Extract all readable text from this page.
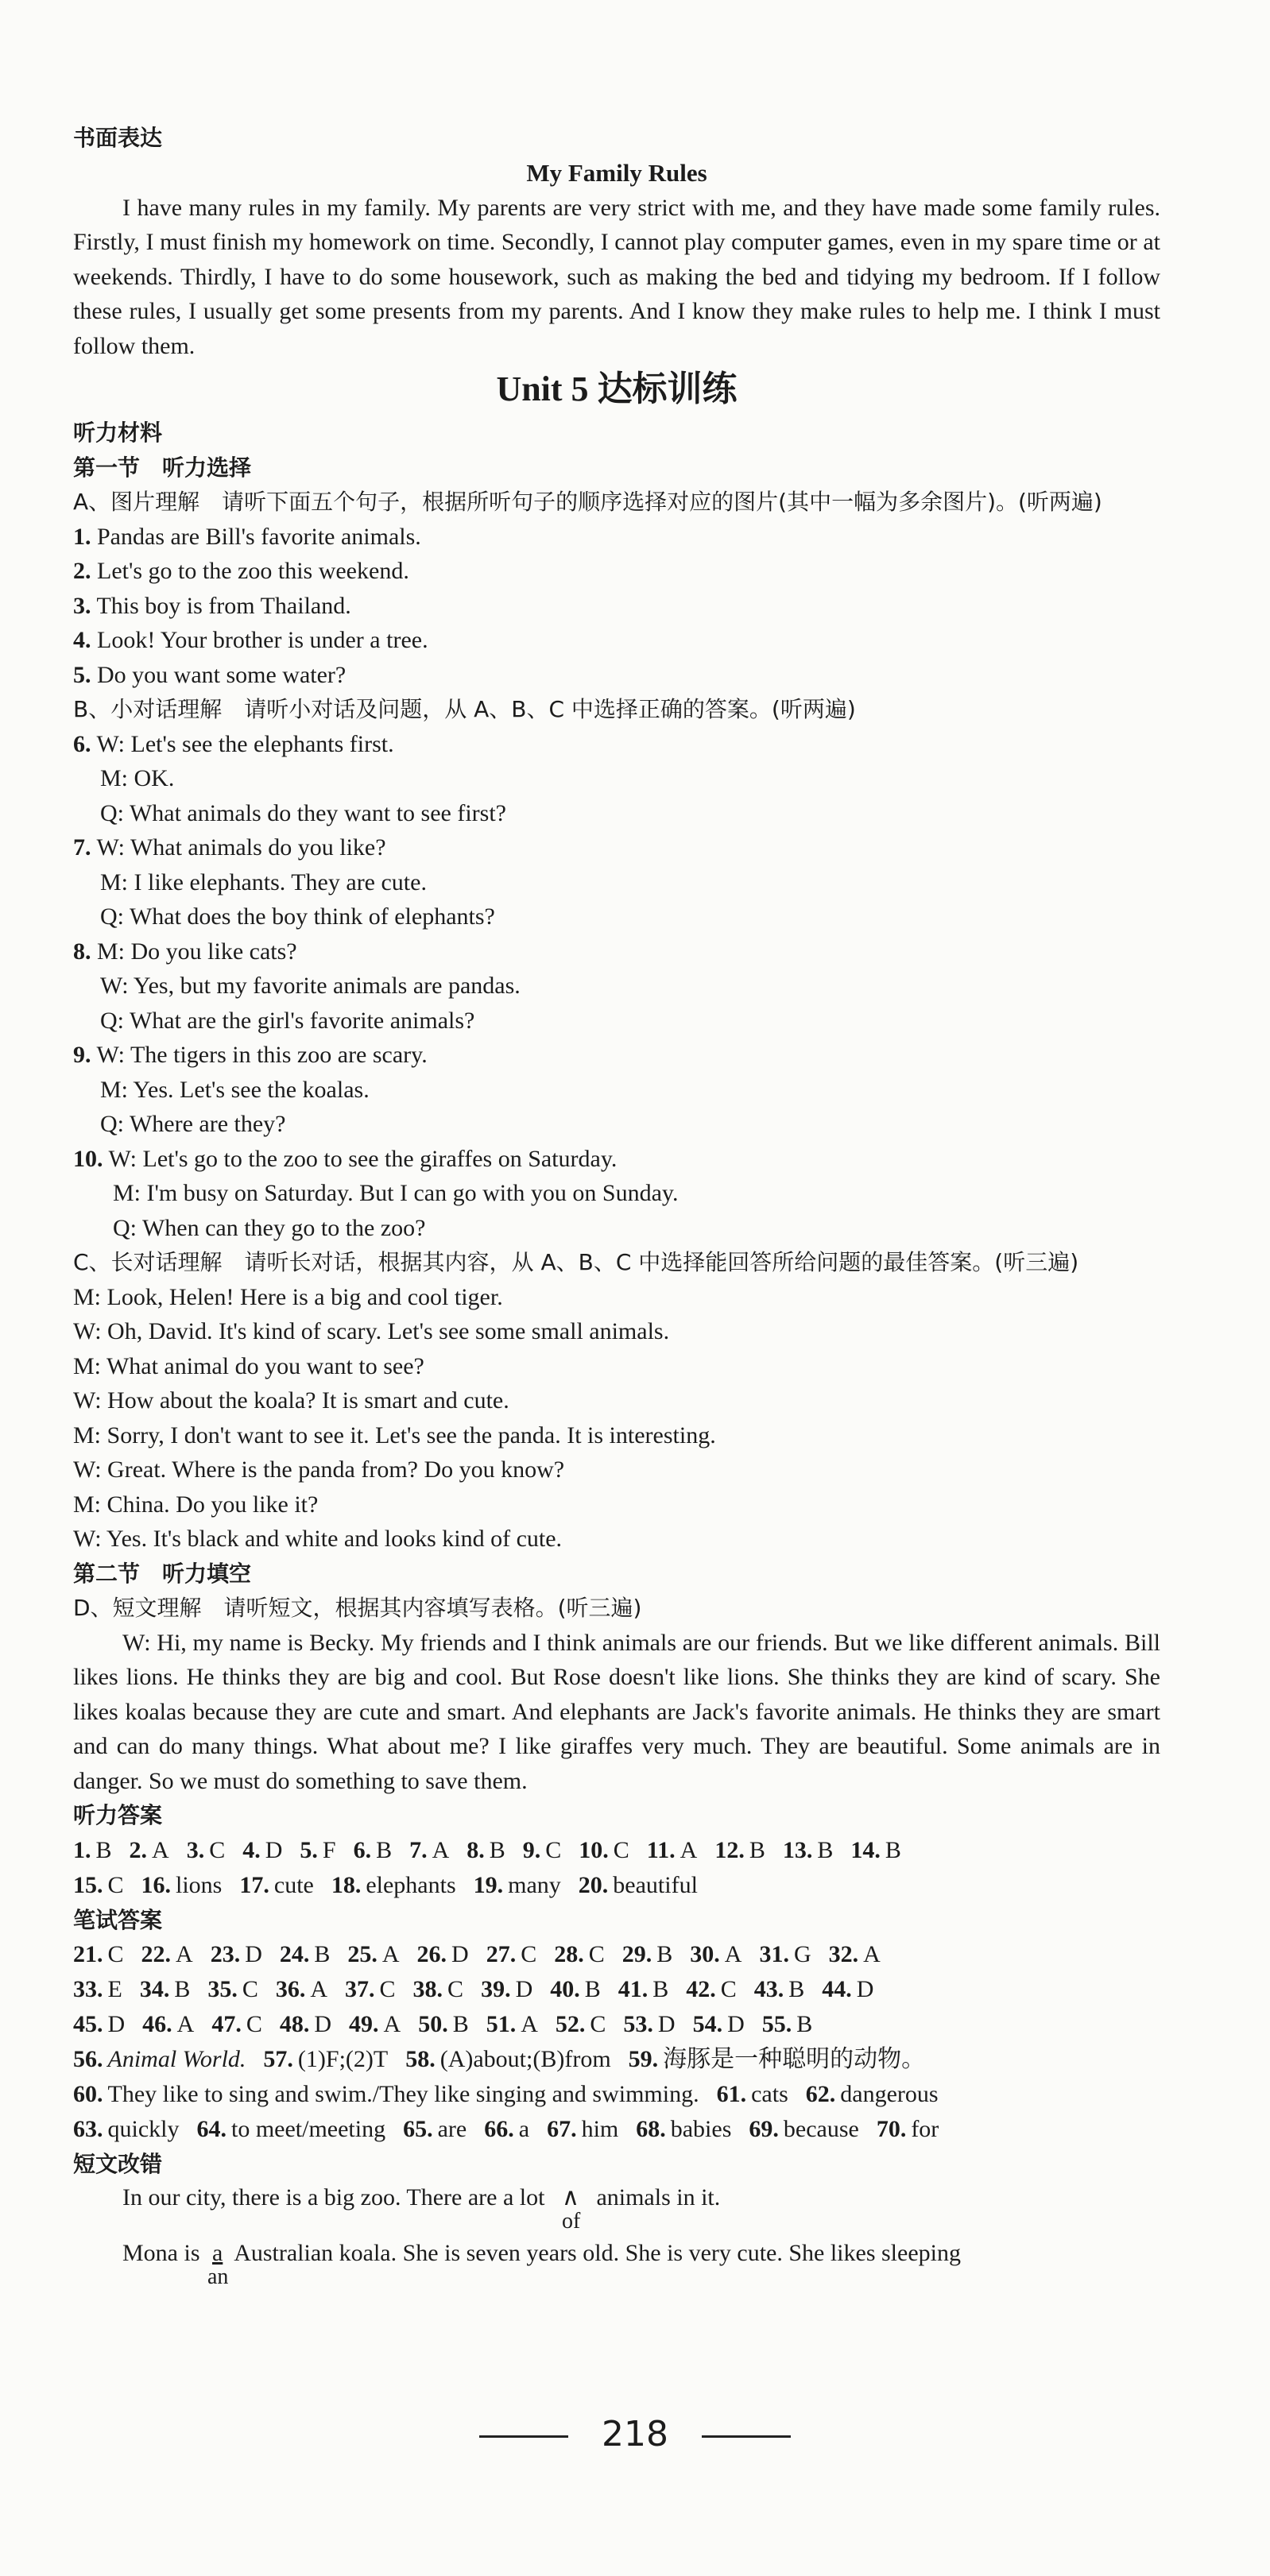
书面表达
My Family Rules

I have many rules in my family. My parents are very strict with me, and they have made some family rules. Firstly, I must finish my homework on time. Secondly, I cannot play computer games, even in my spare time or at weekends. Thirdly, I have to do some housework, such as making the bed and tidying my bedroom. If I follow these rules, I usually get some presents from my parents. And I know they make rules to help me. I think I must follow them.

Unit 5 达标训练
听力材料
第一节　听力选择
A、图片理解　请听下面五个句子，根据所听句子的顺序选择对应的图片(其中一幅为多余图片)。(听两遍)
1. Pandas are Bill's favorite animals.
2. Let's go to the zoo this weekend.
3. This boy is from Thailand.
4. Look! Your brother is under a tree.
5. Do you want some water?
B、小对话理解　请听小对话及问题，从 A、B、C 中选择正确的答案。(听两遍)
6. W: Let's see the elephants first.
M: OK.
Q: What animals do they want to see first?
7. W: What animals do you like?
M: I like elephants. They are cute.
Q: What does the boy think of elephants?
8. M: Do you like cats?
W: Yes, but my favorite animals are pandas.
Q: What are the girl's favorite animals?
9. W: The tigers in this zoo are scary.
M: Yes. Let's see the koalas.
Q: Where are they?
10. W: Let's go to the zoo to see the giraffes on Saturday.
M: I'm busy on Saturday. But I can go with you on Sunday.
Q: When can they go to the zoo?
C、长对话理解　请听长对话，根据其内容，从 A、B、C 中选择能回答所给问题的最佳答案。(听三遍)
M: Look, Helen! Here is a big and cool tiger.
W: Oh, David. It's kind of scary. Let's see some small animals.
M: What animal do you want to see?
W: How about the koala? It is smart and cute.
M: Sorry, I don't want to see it. Let's see the panda. It is interesting.
W: Great. Where is the panda from? Do you know?
M: China. Do you like it?
W: Yes. It's black and white and looks kind of cute.
第二节　听力填空
D、短文理解　请听短文，根据其内容填写表格。(听三遍)

W: Hi, my name is Becky. My friends and I think animals are our friends. But we like different animals. Bill likes lions. He thinks they are big and cool. But Rose doesn't like lions. She thinks they are kind of scary. She likes koalas because they are cute and smart. And elephants are Jack's favorite animals. He thinks they are smart and can do many things. What about me? I like giraffes very much. They are beautiful. Some animals are in danger. So we must do something to save them.

听力答案
1. B 2. A 3. C 4. D 5. F 6. B 7. A 8. B 9. C 10. C 11. A 12. B 13. B 14. B
15. C 16. lions 17. cute 18. elephants 19. many 20. beautiful
笔试答案
21. C 22. A 23. D 24. B 25. A 26. D 27. C 28. C 29. B 30. A 31. G 32. A
33. E 34. B 35. C 36. A 37. C 38. C 39. D 40. B 41. B 42. C 43. B 44. D
45. D 46. A 47. C 48. D 49. A 50. B 51. A 52. C 53. D 54. D 55. B
56. Animal World. 57. (1)F;(2)T 58. (A)about;(B)from 59. 海豚是一种聪明的动物。
60. They like to sing and swim./They like singing and swimming. 61. cats 62. dangerous
63. quickly 64. to meet/meeting 65. are 66. a 67. him 68. babies 69. because 70. for
短文改错
In our city, there is a big zoo. There are a lot ∧
of
animals in it.
Mona is $\frac{a}{an}$ Australian koala. She is seven years old. She is very cute. She likes sleeping
218
